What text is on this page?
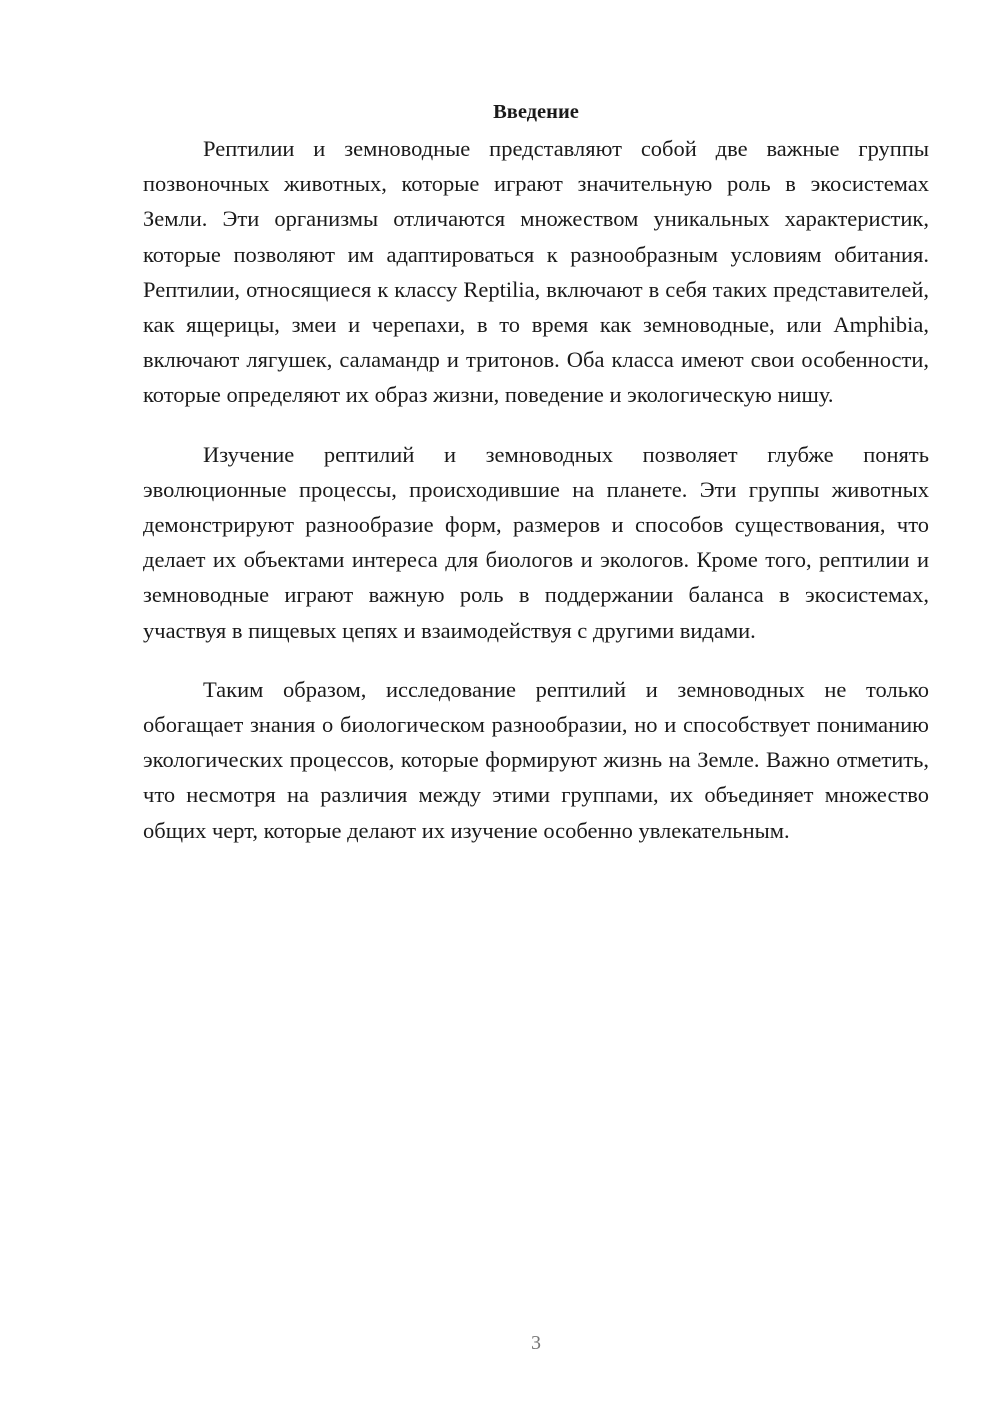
Введение

Рептилии и земноводные представляют собой две важные группы позвоночных животных, которые играют значительную роль в экосистемах Земли. Эти организмы отличаются множеством уникальных характеристик, которые позволяют им адаптироваться к разнообразным условиям обитания. Рептилии, относящиеся к классу Reptilia, включают в себя таких представителей, как ящерицы, змеи и черепахи, в то время как земноводные, или Amphibia, включают лягушек, саламандр и тритонов. Оба класса имеют свои особенности, которые определяют их образ жизни, поведение и экологическую нишу.

Изучение рептилий и земноводных позволяет глубже понять эволюционные процессы, происходившие на планете. Эти группы животных демонстрируют разнообразие форм, размеров и способов существования, что делает их объектами интереса для биологов и экологов. Кроме того, рептилии и земноводные играют важную роль в поддержании баланса в экосистемах, участвуя в пищевых цепях и взаимодействуя с другими видами.

Таким образом, исследование рептилий и земноводных не только обогащает знания о биологическом разнообразии, но и способствует пониманию экологических процессов, которые формируют жизнь на Земле. Важно отметить, что несмотря на различия между этими группами, их объединяет множество общих черт, которые делают их изучение особенно увлекательным.

3
